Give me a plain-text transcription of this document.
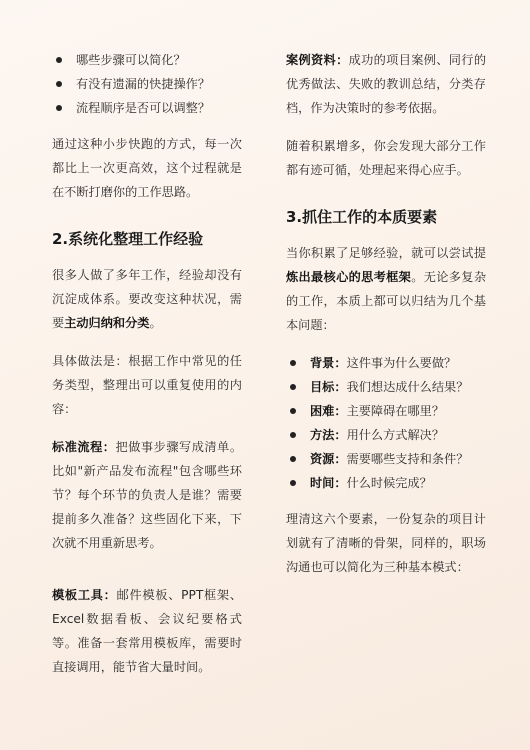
哪些步骤可以简化？
有没有遗漏的快捷操作？
流程顺序是否可以调整？

通过这种小步快跑的方式，每一次都比上一次更高效，这个过程就是在不断打磨你的工作思路。

2.系统化整理工作经验

很多人做了多年工作，经验却没有沉淀成体系。要改变这种状况，需要主动归纳和分类。

具体做法是：根据工作中常见的任务类型，整理出可以重复使用的内容：

标准流程：把做事步骤写成清单。比如"新产品发布流程"包含哪些环节？每个环节的负责人是谁？需要提前多久准备？这些固化下来，下次就不用重新思考。

模板工具：邮件模板、PPT框架、Excel数据看板、会议纪要格式等。准备一套常用模板库，需要时直接调用，能节省大量时间。

案例资料：成功的项目案例、同行的优秀做法、失败的教训总结，分类存档，作为决策时的参考依据。

随着积累增多，你会发现大部分工作都有迹可循，处理起来得心应手。

3.抓住工作的本质要素

当你积累了足够经验，就可以尝试提炼出最核心的思考框架。无论多复杂的工作，本质上都可以归结为几个基本问题：

背景：这件事为什么要做？
目标：我们想达成什么结果？
困难：主要障碍在哪里？
方法：用什么方式解决？
资源：需要哪些支持和条件？
时间：什么时候完成？

理清这六个要素，一份复杂的项目计划就有了清晰的骨架，同样的，职场沟通也可以简化为三种基本模式：
